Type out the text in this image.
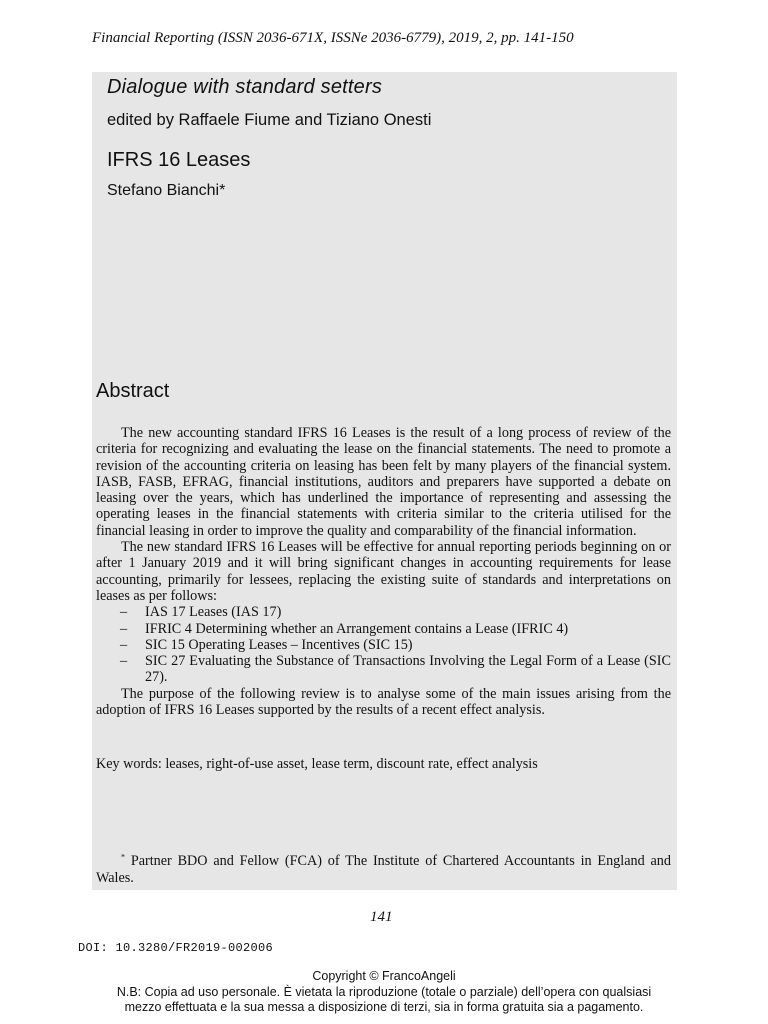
Financial Reporting (ISSN 2036-671X, ISSNe 2036-6779), 2019, 2, pp. 141-150
Dialogue with standard setters
edited by Raffaele Fiume and Tiziano Onesti
IFRS 16 Leases
Stefano Bianchi*
Abstract

The new accounting standard IFRS 16 Leases is the result of a long process of review of the criteria for recognizing and evaluating the lease on the financial statements. The need to promote a revision of the accounting criteria on leasing has been felt by many players of the financial system. IASB, FASB, EFRAG, financial institutions, auditors and preparers have supported a debate on leasing over the years, which has underlined the importance of representing and assessing the operating leases in the financial statements with criteria similar to the criteria utilised for the financial leasing in order to improve the quality and comparability of the financial information.

The new standard IFRS 16 Leases will be effective for annual reporting periods beginning on or after 1 January 2019 and it will bring significant changes in accounting requirements for lease accounting, primarily for lessees, replacing the existing suite of standards and interpretations on leases as per follows:

– IAS 17 Leases (IAS 17)
– IFRIC 4 Determining whether an Arrangement contains a Lease (IFRIC 4)
– SIC 15 Operating Leases – Incentives (SIC 15)
– SIC 27 Evaluating the Substance of Transactions Involving the Legal Form of a Lease (SIC 27).

The purpose of the following review is to analyse some of the main issues arising from the adoption of IFRS 16 Leases supported by the results of a recent effect analysis.

Key words: leases, right-of-use asset, lease term, discount rate, effect analysis

* Partner BDO and Fellow (FCA) of The Institute of Chartered Accountants in England and Wales.

141
DOI: 10.3280/FR2019-002006
Copyright © FrancoAngeli
N.B: Copia ad uso personale. È vietata la riproduzione (totale o parziale) dell’opera con qualsiasi
mezzo effettuata e la sua messa a disposizione di terzi, sia in forma gratuita sia a pagamento.
